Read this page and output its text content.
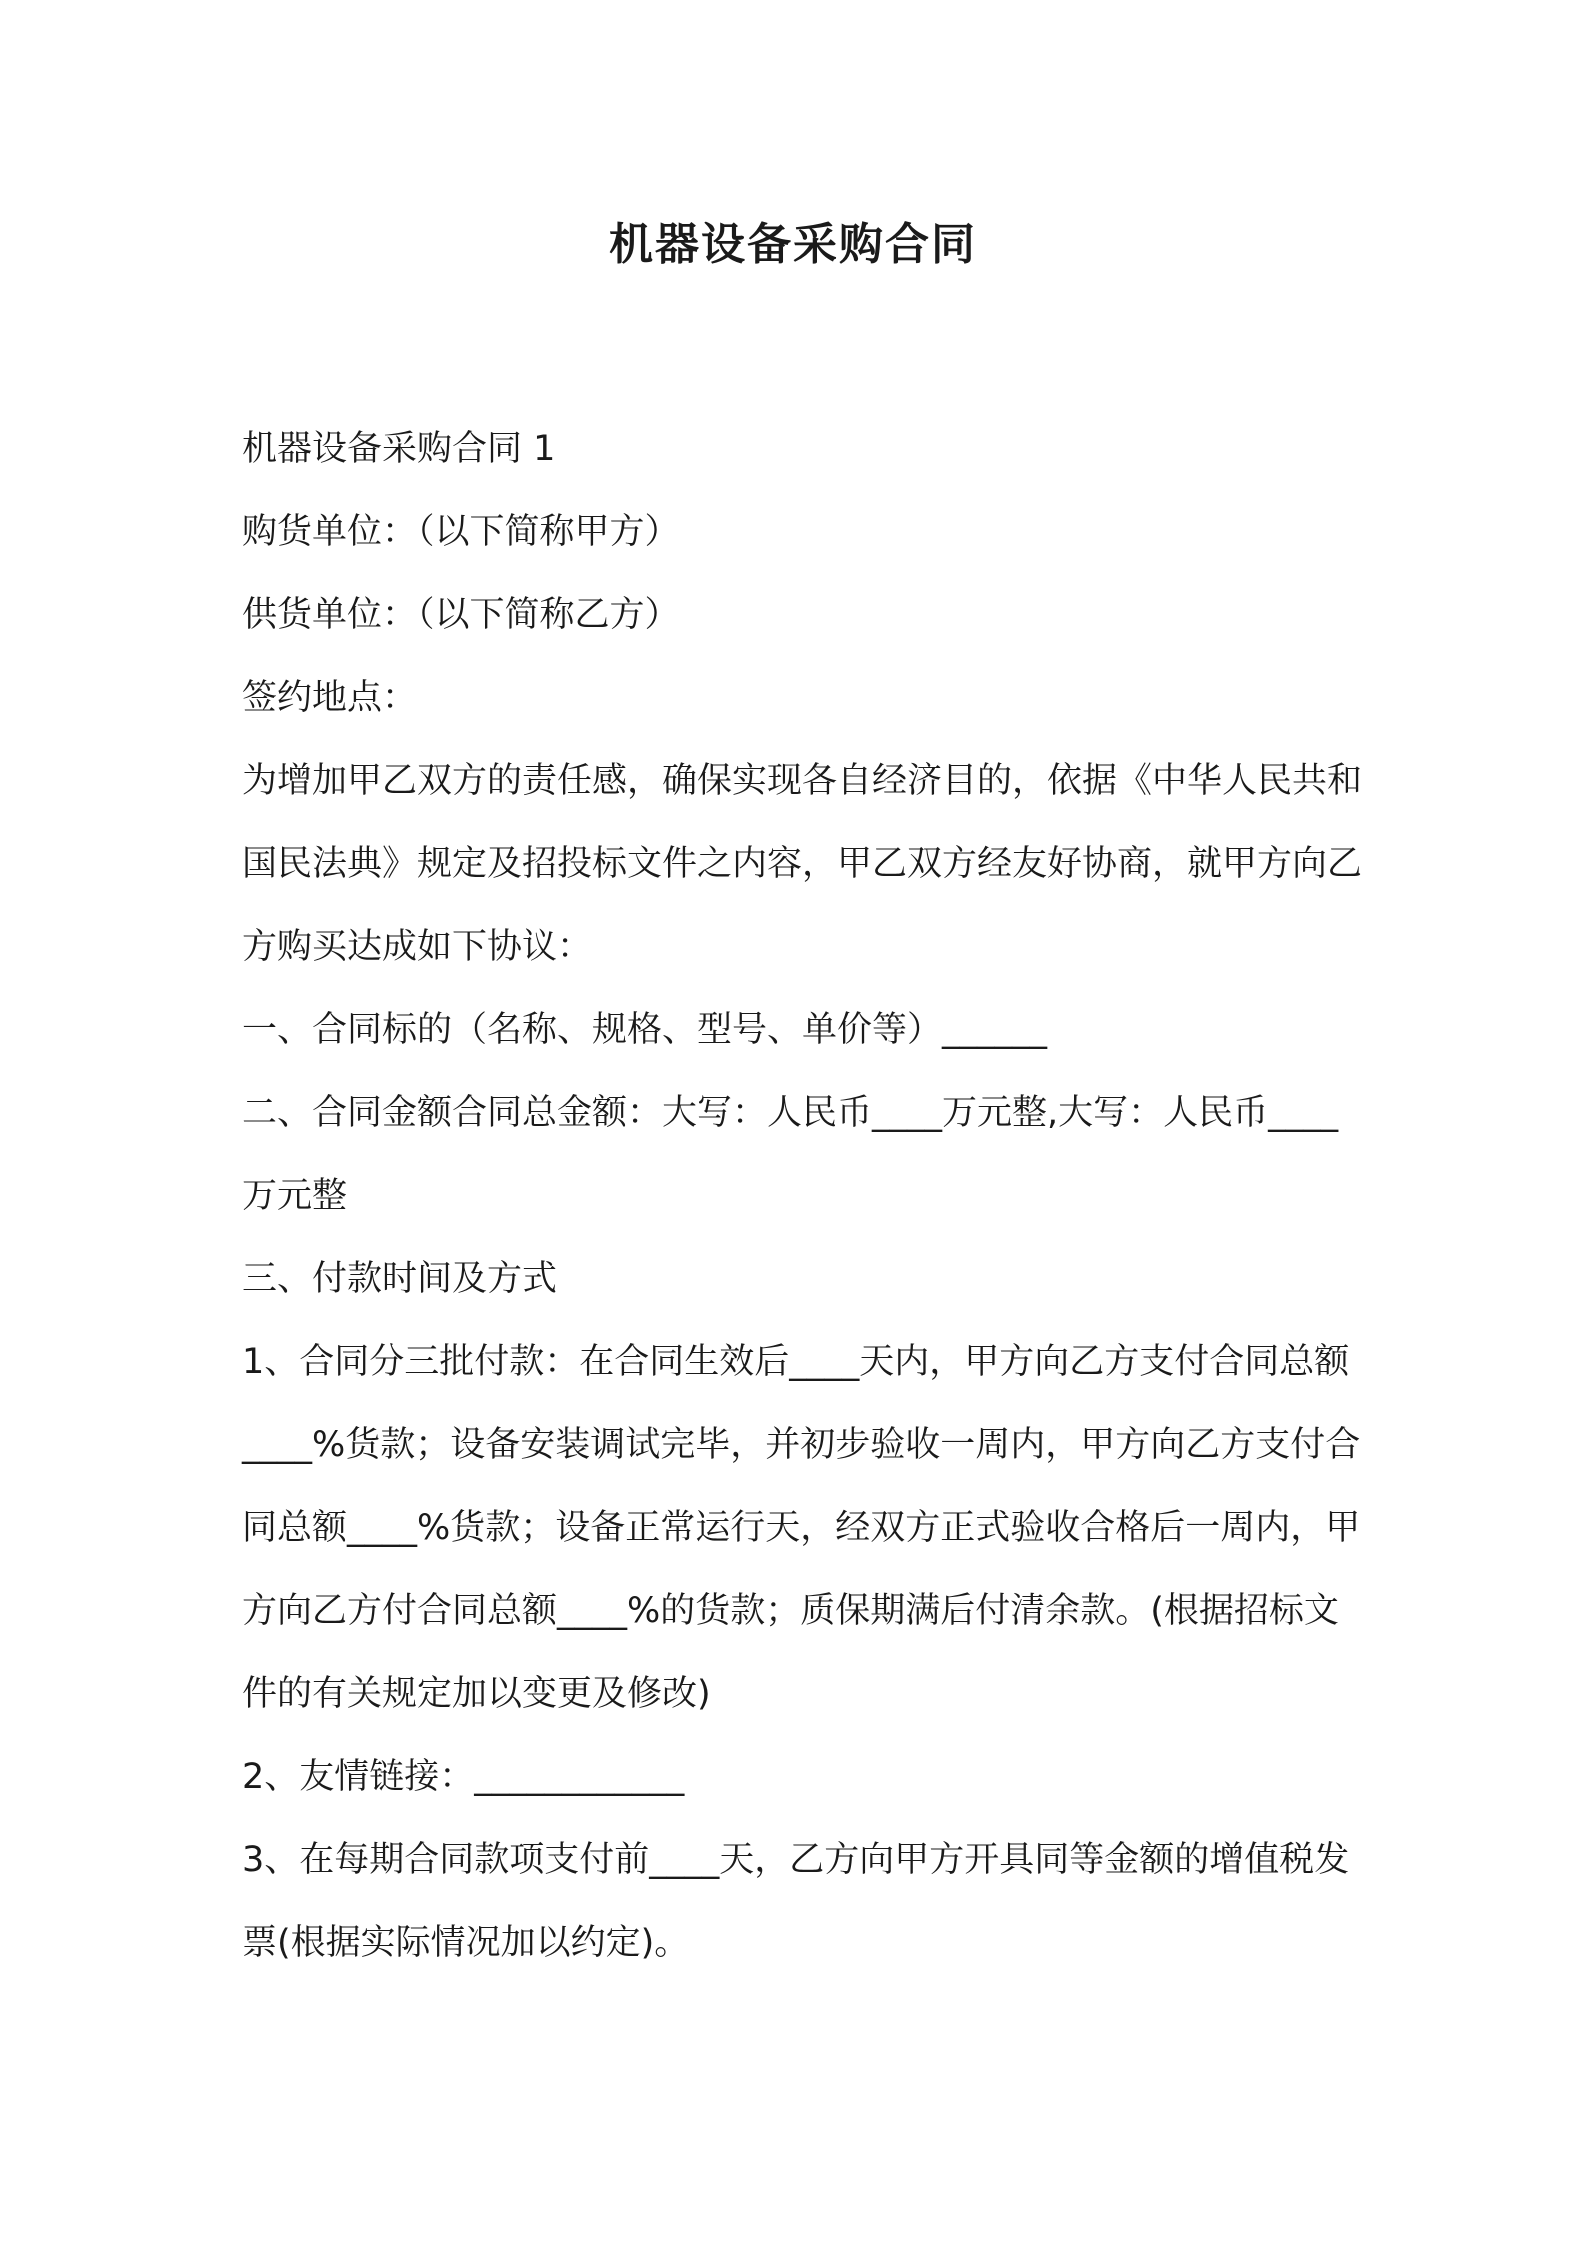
机器设备采购合同

机器设备采购合同 1

购货单位：（以下简称甲方）

供货单位：（以下简称乙方）

签约地点：

为增加甲乙双方的责任感，确保实现各自经济目的，依据《中华人民共和国民法典》规定及招投标文件之内容，甲乙双方经友好协商，就甲方向乙方购买达成如下协议：

一、合同标的（名称、规格、型号、单价等）______

二、合同金额合同总金额：大写：人民币____万元整,大写：人民币____万元整

三、付款时间及方式

1、合同分三批付款：在合同生效后____天内，甲方向乙方支付合同总额____%货款；设备安装调试完毕，并初步验收一周内，甲方向乙方支付合同总额____%货款；设备正常运行天，经双方正式验收合格后一周内，甲方向乙方付合同总额____%的货款；质保期满后付清余款。(根据招标文件的有关规定加以变更及修改)

2、友情链接：____________

3、在每期合同款项支付前____天，乙方向甲方开具同等金额的增值税发票(根据实际情况加以约定)。
